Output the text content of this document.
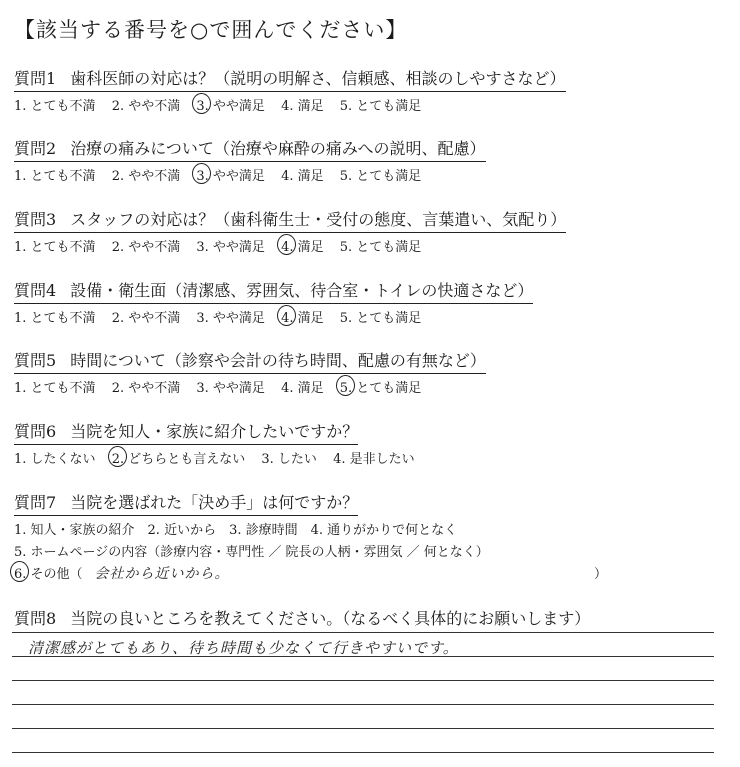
【該当する番号を○で囲んでください】
質問1 歯科医師の対応は？（説明の明解さ、信頼感、相談のしやすさなど）
1. とても不満 2. やや不満 3. やや満足 4. 満足 5. とても満足
質問2 治療の痛みについて（治療や麻酔の痛みへの説明、配慮）
1. とても不満 2. やや不満 3. やや満足 4. 満足 5. とても満足
質問3 スタッフの対応は？（歯科衛生士・受付の態度、言葉遣い、気配り）
1. とても不満 2. やや不満 3. やや満足 4. 満足 5. とても満足
質問4 設備・衛生面（清潔感、雰囲気、待合室・トイレの快適さなど）
1. とても不満 2. やや不満 3. やや満足 4. 満足 5. とても満足
質問5 時間について（診察や会計の待ち時間、配慮の有無など）
1. とても不満 2. やや不満 3. やや満足 4. 満足 5. とても満足
質問6 当院を知人・家族に紹介したいですか？
1. したくない 2. どちらとも言えない 3. したい 4. 是非したい
質問7 当院を選ばれた「決め手」は何ですか？
1. 知人・家族の紹介　2. 近いから　3. 診療時間　4. 通りがかりで何となく
5. ホームページの内容（診療内容・専門性 ／ 院長の人柄・雰囲気 ／ 何となく）
6. その他（ 会社から近いから。	）
質問8 当院の良いところを教えてください。（なるべく具体的にお願いします）
清潔感がとてもあり、待ち時間も少なくて行きやすいです。
